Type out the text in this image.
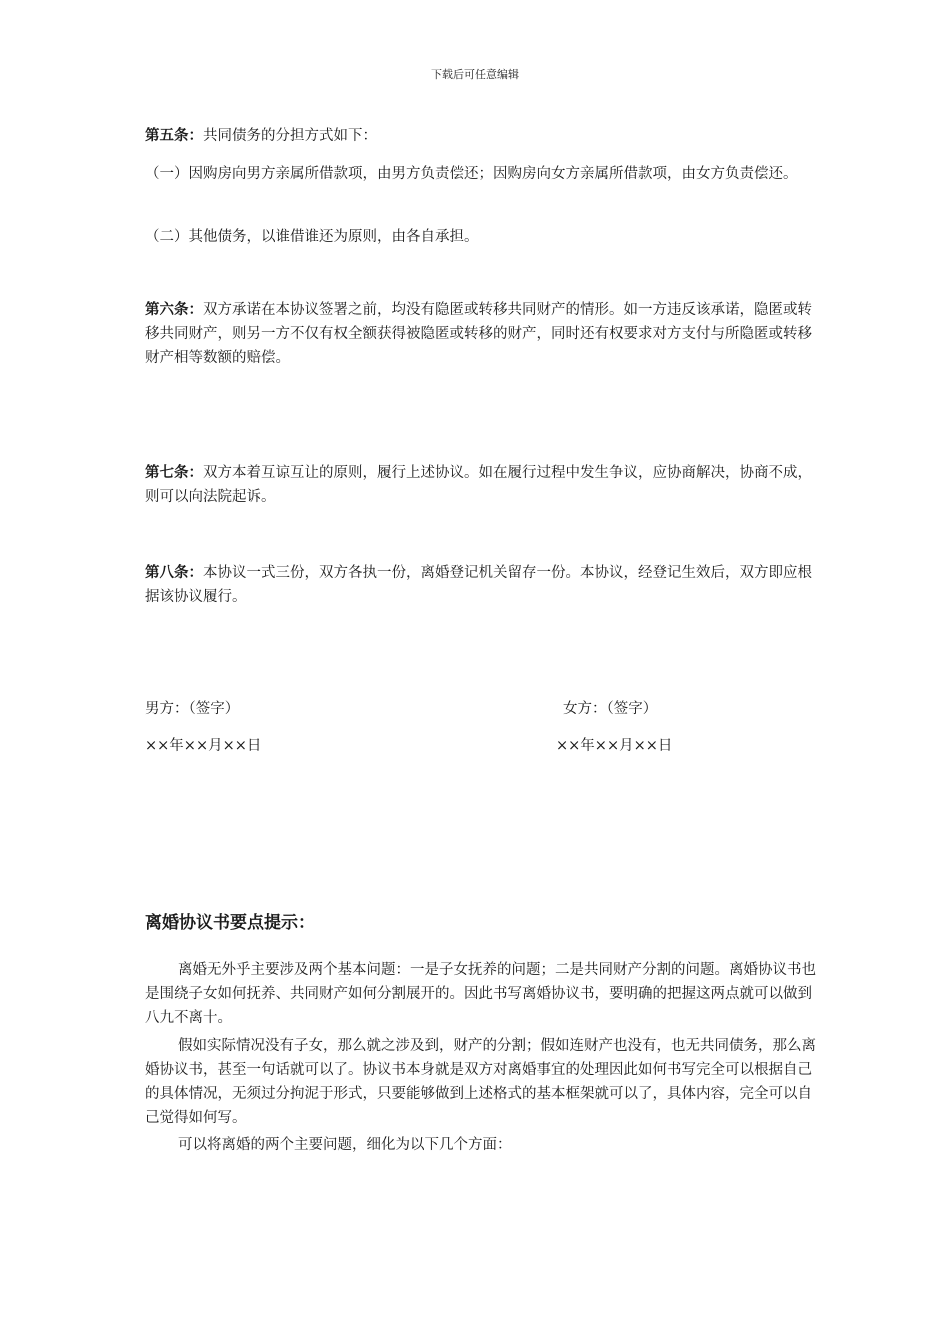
下载后可任意编辑

第五条：共同债务的分担方式如下：

（一）因购房向男方亲属所借款项，由男方负责偿还；因购房向女方亲属所借款项，由女方负责偿还。

（二）其他债务，以谁借谁还为原则，由各自承担。

第六条：双方承诺在本协议签署之前，均没有隐匿或转移共同财产的情形。如一方违反该承诺，隐匿或转移共同财产，则另一方不仅有权全额获得被隐匿或转移的财产，同时还有权要求对方支付与所隐匿或转移财产相等数额的赔偿。

第七条：双方本着互谅互让的原则，履行上述协议。如在履行过程中发生争议，应协商解决，协商不成，则可以向法院起诉。

第八条：本协议一式三份，双方各执一份，离婚登记机关留存一份。本协议，经登记生效后，双方即应根据该协议履行。

男方：（签字）	女方：（签字）
××年××月××日	××年××月××日
离婚协议书要点提示：

离婚无外乎主要涉及两个基本问题：一是子女抚养的问题；二是共同财产分割的问题。离婚协议书也是围绕子女如何抚养、共同财产如何分割展开的。因此书写离婚协议书，要明确的把握这两点就可以做到八九不离十。

假如实际情况没有子女，那么就之涉及到，财产的分割；假如连财产也没有，也无共同债务，那么离婚协议书，甚至一句话就可以了。协议书本身就是双方对离婚事宜的处理因此如何书写完全可以根据自己的具体情况，无须过分拘泥于形式，只要能够做到上述格式的基本框架就可以了，具体内容，完全可以自己觉得如何写。

可以将离婚的两个主要问题，细化为以下几个方面：
